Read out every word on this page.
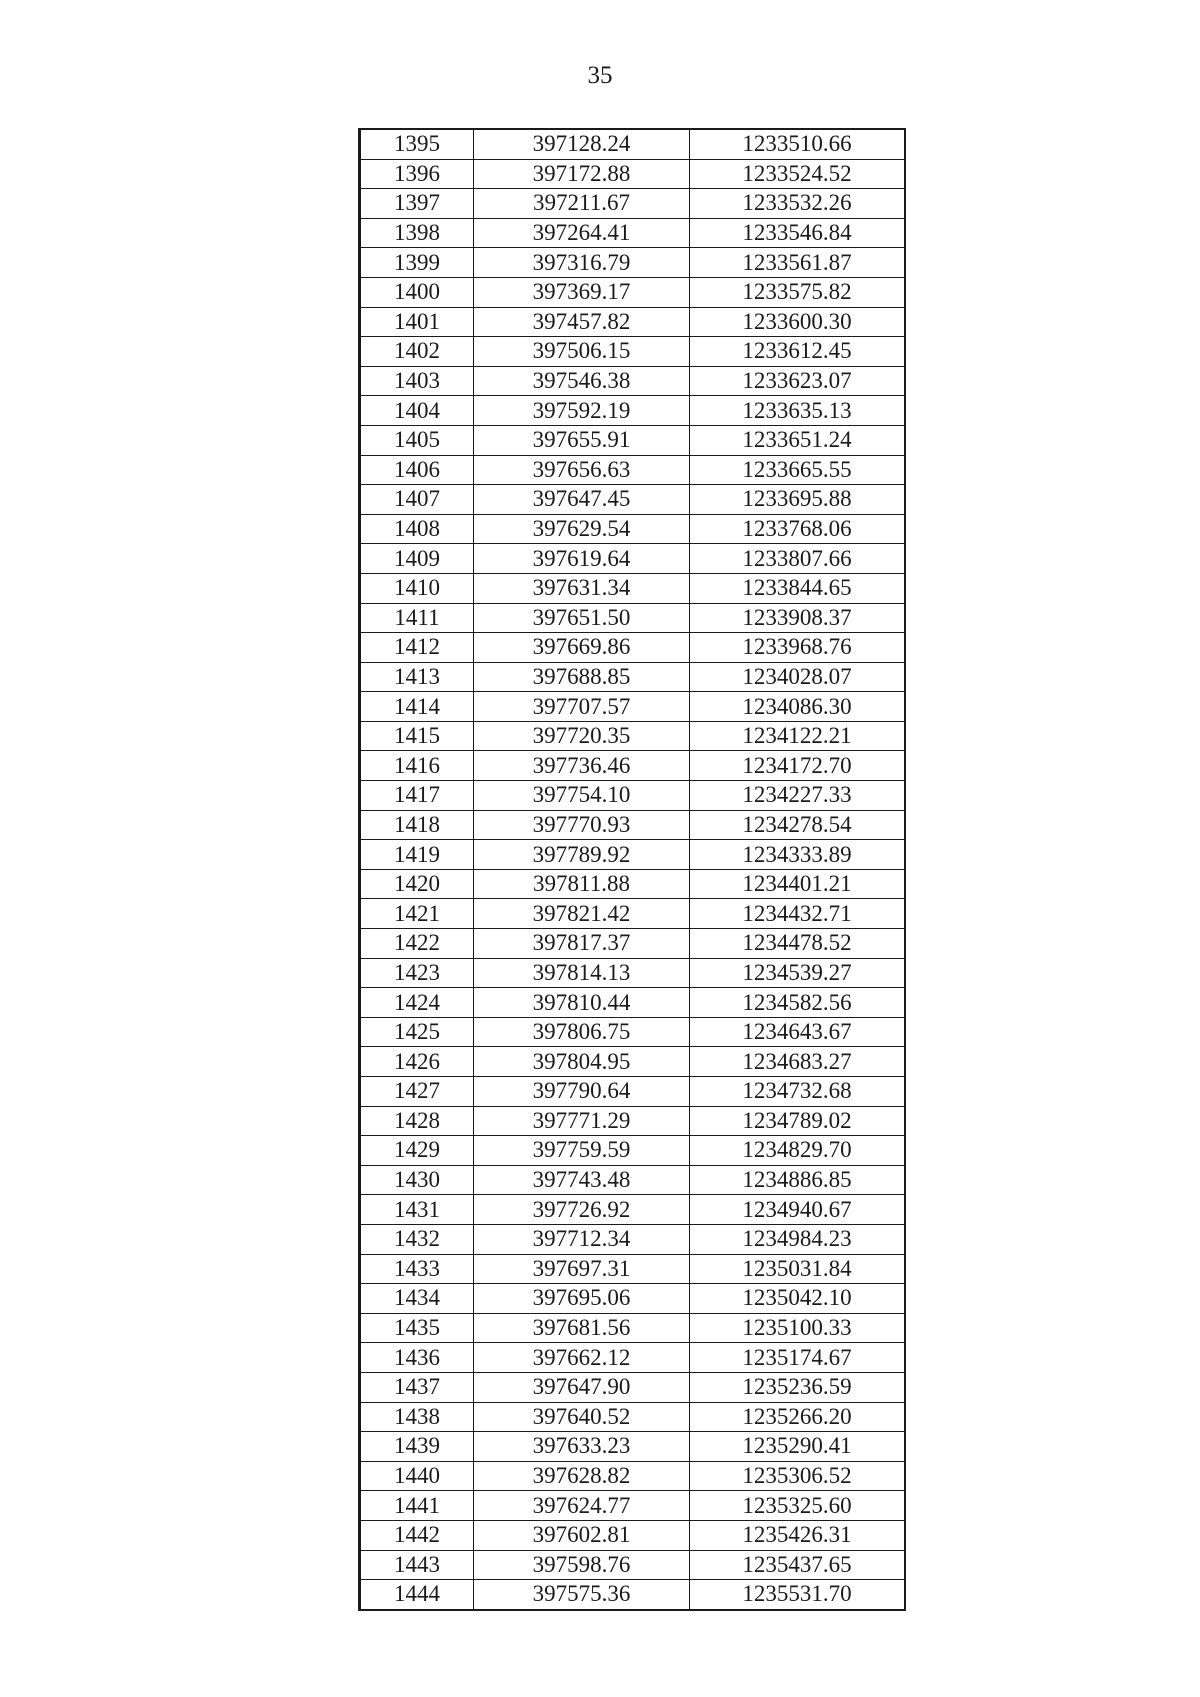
35
1395	397128.24	1233510.66
1396	397172.88	1233524.52
1397	397211.67	1233532.26
1398	397264.41	1233546.84
1399	397316.79	1233561.87
1400	397369.17	1233575.82
1401	397457.82	1233600.30
1402	397506.15	1233612.45
1403	397546.38	1233623.07
1404	397592.19	1233635.13
1405	397655.91	1233651.24
1406	397656.63	1233665.55
1407	397647.45	1233695.88
1408	397629.54	1233768.06
1409	397619.64	1233807.66
1410	397631.34	1233844.65
1411	397651.50	1233908.37
1412	397669.86	1233968.76
1413	397688.85	1234028.07
1414	397707.57	1234086.30
1415	397720.35	1234122.21
1416	397736.46	1234172.70
1417	397754.10	1234227.33
1418	397770.93	1234278.54
1419	397789.92	1234333.89
1420	397811.88	1234401.21
1421	397821.42	1234432.71
1422	397817.37	1234478.52
1423	397814.13	1234539.27
1424	397810.44	1234582.56
1425	397806.75	1234643.67
1426	397804.95	1234683.27
1427	397790.64	1234732.68
1428	397771.29	1234789.02
1429	397759.59	1234829.70
1430	397743.48	1234886.85
1431	397726.92	1234940.67
1432	397712.34	1234984.23
1433	397697.31	1235031.84
1434	397695.06	1235042.10
1435	397681.56	1235100.33
1436	397662.12	1235174.67
1437	397647.90	1235236.59
1438	397640.52	1235266.20
1439	397633.23	1235290.41
1440	397628.82	1235306.52
1441	397624.77	1235325.60
1442	397602.81	1235426.31
1443	397598.76	1235437.65
1444	397575.36	1235531.70
